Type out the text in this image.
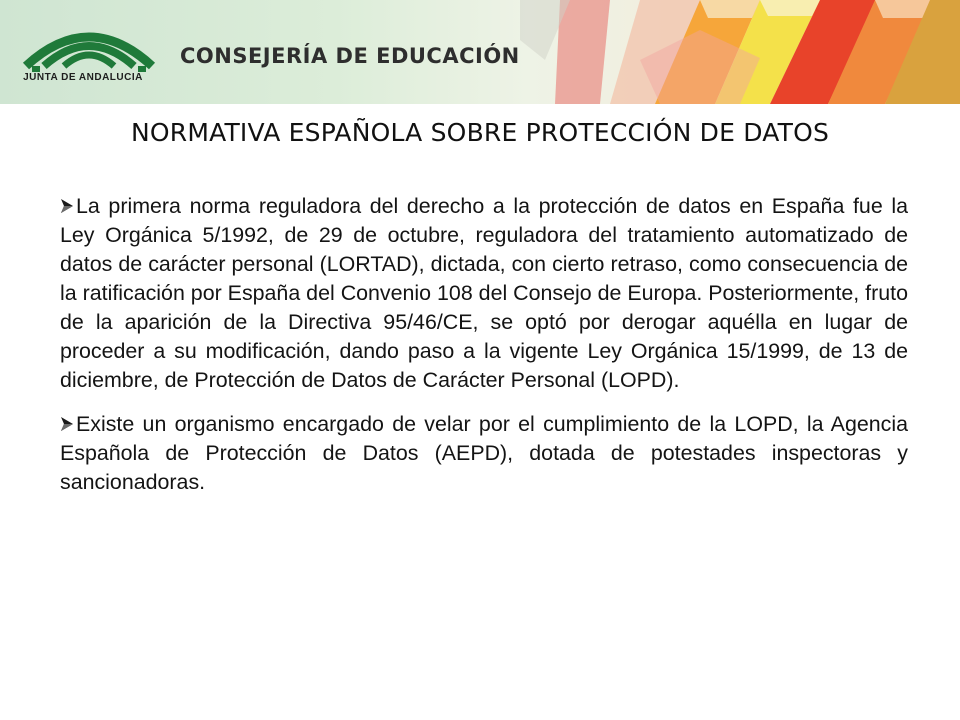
JUNTA DE ANDALUCIA
CONSEJERÍA DE EDUCACIÓN
NORMATIVA ESPAÑOLA SOBRE PROTECCIÓN DE DATOS

La primera norma reguladora del derecho a la protección de datos en España fue la Ley Orgánica 5/1992, de 29 de octubre, reguladora del tratamiento automatizado de datos de carácter personal (LORTAD), dictada, con cierto retraso, como consecuencia de la ratificación por España del Convenio 108 del Consejo de Europa. Posteriormente, fruto de la aparición de la Directiva 95/46/CE, se optó por derogar aquélla en lugar de proceder a su modificación, dando paso a la vigente Ley Orgánica 15/1999, de 13 de diciembre, de Protección de Datos de Carácter Personal (LOPD).

Existe un organismo encargado de velar por el cumplimiento de la LOPD, la Agencia Española de Protección de Datos (AEPD), dotada de potestades inspectoras y sancionadoras.
